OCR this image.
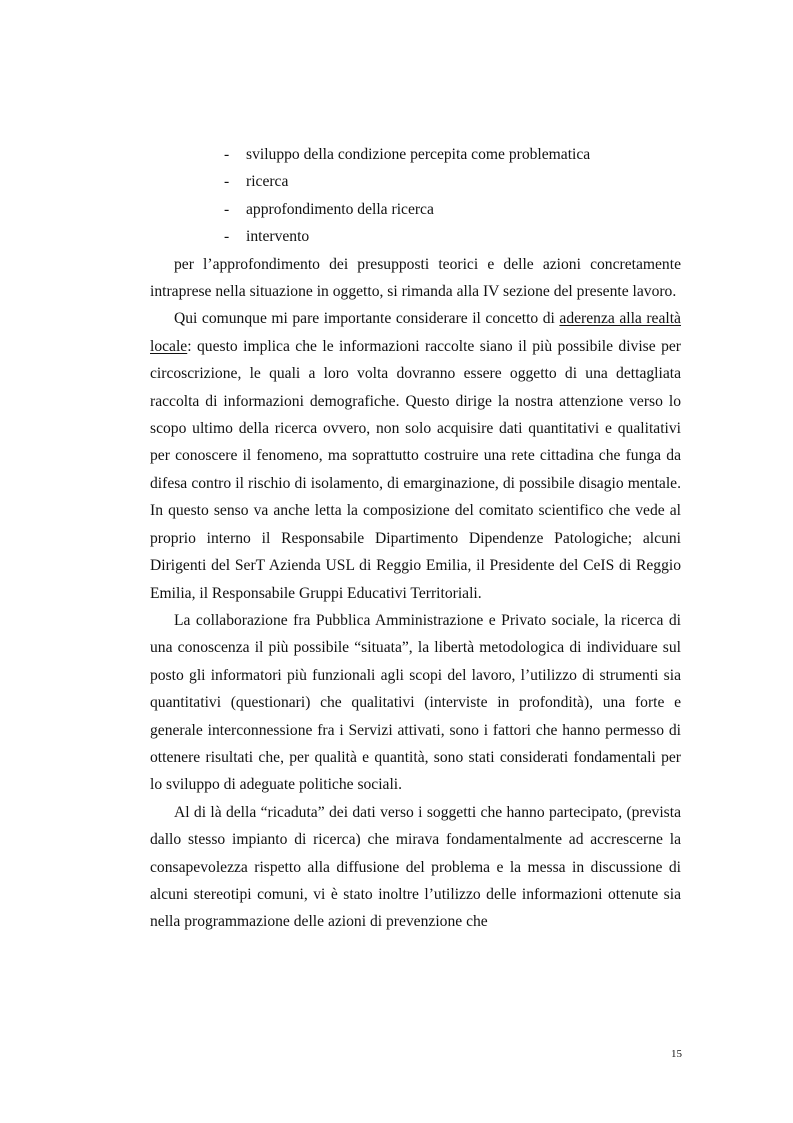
- sviluppo della condizione percepita come problematica
- ricerca
- approfondimento della ricerca
- intervento

per l’approfondimento dei presupposti teorici e delle azioni concretamente intraprese nella situazione in oggetto, si rimanda alla IV sezione del presente lavoro.

Qui comunque mi pare importante considerare il concetto di aderenza alla realtà locale: questo implica che le informazioni raccolte siano il più possibile divise per circoscrizione, le quali a loro volta dovranno essere oggetto di una dettagliata raccolta di informazioni demografiche. Questo dirige la nostra attenzione verso lo scopo ultimo della ricerca ovvero, non solo acquisire dati quantitativi e qualitativi per conoscere il fenomeno, ma soprattutto costruire una rete cittadina che funga da difesa contro il rischio di isolamento, di emarginazione, di possibile disagio mentale. In questo senso va anche letta la composizione del comitato scientifico che vede al proprio interno il Responsabile Dipartimento Dipendenze Patologiche; alcuni Dirigenti del SerT Azienda USL di Reggio Emilia, il Presidente del CeIS di Reggio Emilia, il Responsabile Gruppi Educativi Territoriali.

La collaborazione fra Pubblica Amministrazione e Privato sociale, la ricerca di una conoscenza il più possibile “situata”, la libertà metodologica di individuare sul posto gli informatori più funzionali agli scopi del lavoro, l’utilizzo di strumenti sia quantitativi (questionari) che qualitativi (interviste in profondità), una forte e generale interconnessione fra i Servizi attivati, sono i fattori che hanno permesso di ottenere risultati che, per qualità e quantità, sono stati considerati fondamentali per lo sviluppo di adeguate politiche sociali.

Al di là della “ricaduta” dei dati verso i soggetti che hanno partecipato, (prevista dallo stesso impianto di ricerca) che mirava fondamentalmente ad accrescerne la consapevolezza rispetto alla diffusione del problema e la messa in discussione di alcuni stereotipi comuni, vi è stato inoltre l’utilizzo delle informazioni ottenute sia nella programmazione delle azioni di prevenzione che

15
